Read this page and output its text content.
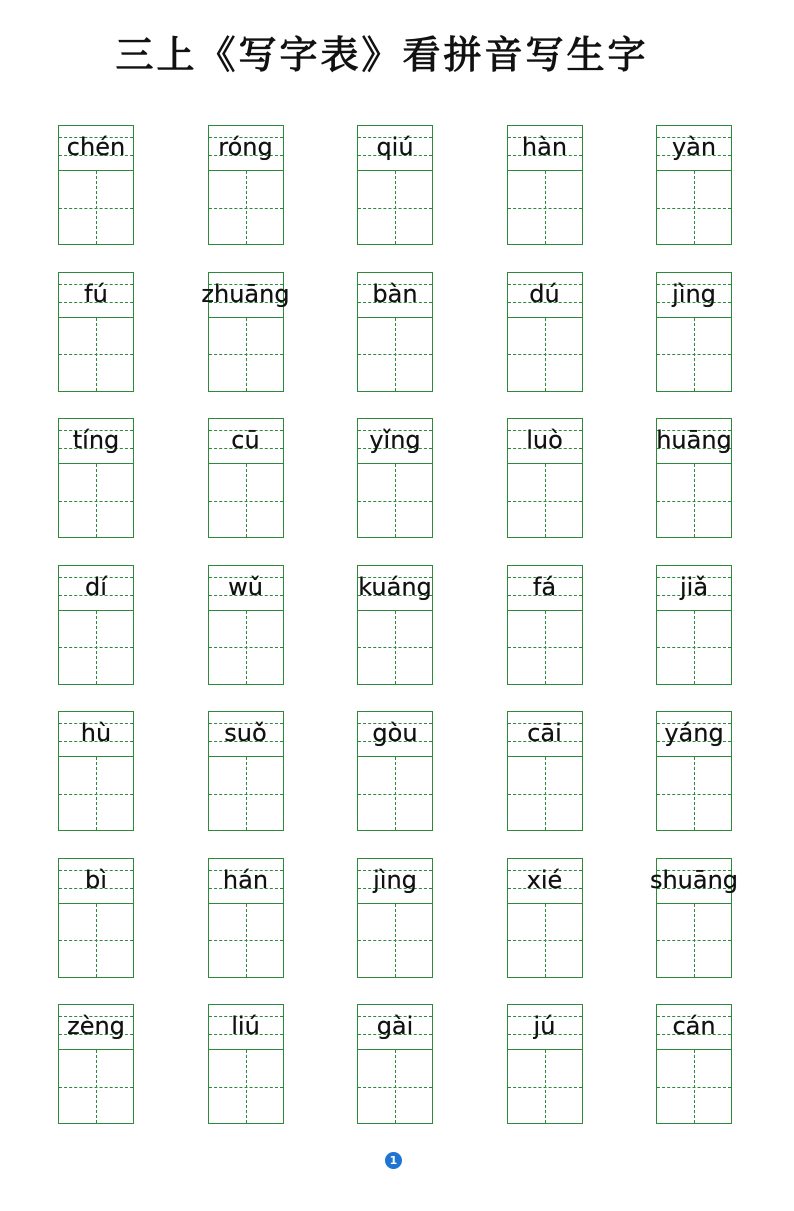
三上《写字表》看拼音写生字
chén	róng	qiú	hàn	yàn
fú	zhuāng	bàn	dú	jìng
tíng	cū	yǐng	luò	huāng
dí	wǔ	kuáng	fá	jiǎ
hù	suǒ	gòu	cāi	yáng
bì	hán	jìng	xié	shuāng
zèng	liú	gài	jú	cán
1
